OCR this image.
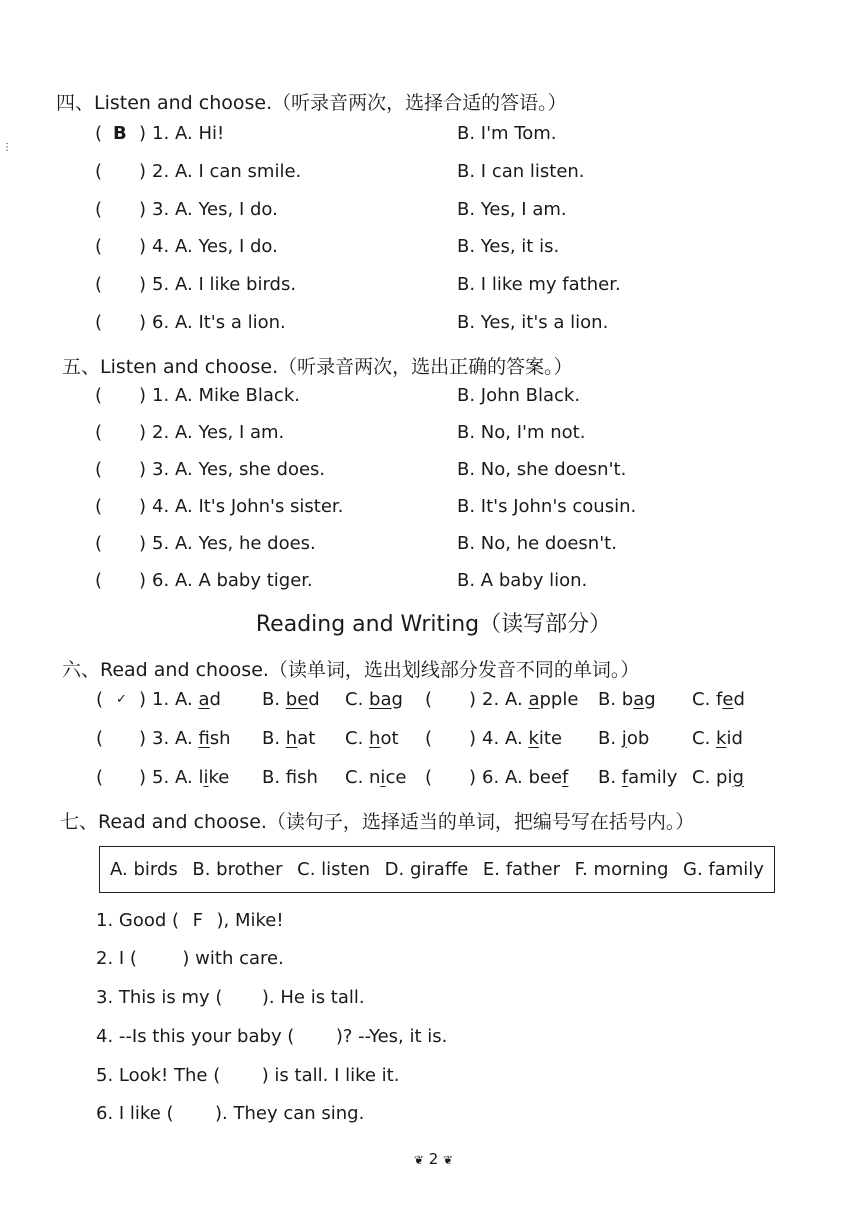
⋮
四、Listen and choose.（听录音两次，选择合适的答语。）
( B ) 1. A. Hi!	B. I'm Tom.
( ) 2. A. I can smile.	B. I can listen.
( ) 3. A. Yes, I do.	B. Yes, I am.
( ) 4. A. Yes, I do.	B. Yes, it is.
( ) 5. A. I like birds.	B. I like my father.
( ) 6. A. It's a lion.	B. Yes, it's a lion.
五、Listen and choose.（听录音两次，选出正确的答案。）
( ) 1. A. Mike Black.	B. John Black.
( ) 2. A. Yes, I am.	B. No, I'm not.
( ) 3. A. Yes, she does.	B. No, she doesn't.
( ) 4. A. It's John's sister.	B. It's John's cousin.
( ) 5. A. Yes, he does.	B. No, he doesn't.
( ) 6. A. A baby tiger.	B. A baby lion.
Reading and Writing（读写部分）
六、Read and choose.（读单词，选出划线部分发音不同的单词。）
( ✓ ) 1. A. ad B. bed C. bag ( ) 2. A. apple B. bag C. fed
( ) 3. A. fish B. hat C. hot ( ) 4. A. kite B. job C. kid
( ) 5. A. like B. fsh C. nice ( ) 6. A. beef B. family C. pig
七、Read and choose.（读句子，选择适当的单词，把编号写在括号内。）
A. birds B. brother C. listen D. giraffe E. father F. morning G. family
1. Good ( F ), Mike!
2. I (	) with care.
3. This is my ( ). He is tall.
4. --Is this your baby ( )? --Yes, it is.
5. Look! The ( ) is tall. I like it.
6. I like ( ). They can sing.
❦ 2 ❦
